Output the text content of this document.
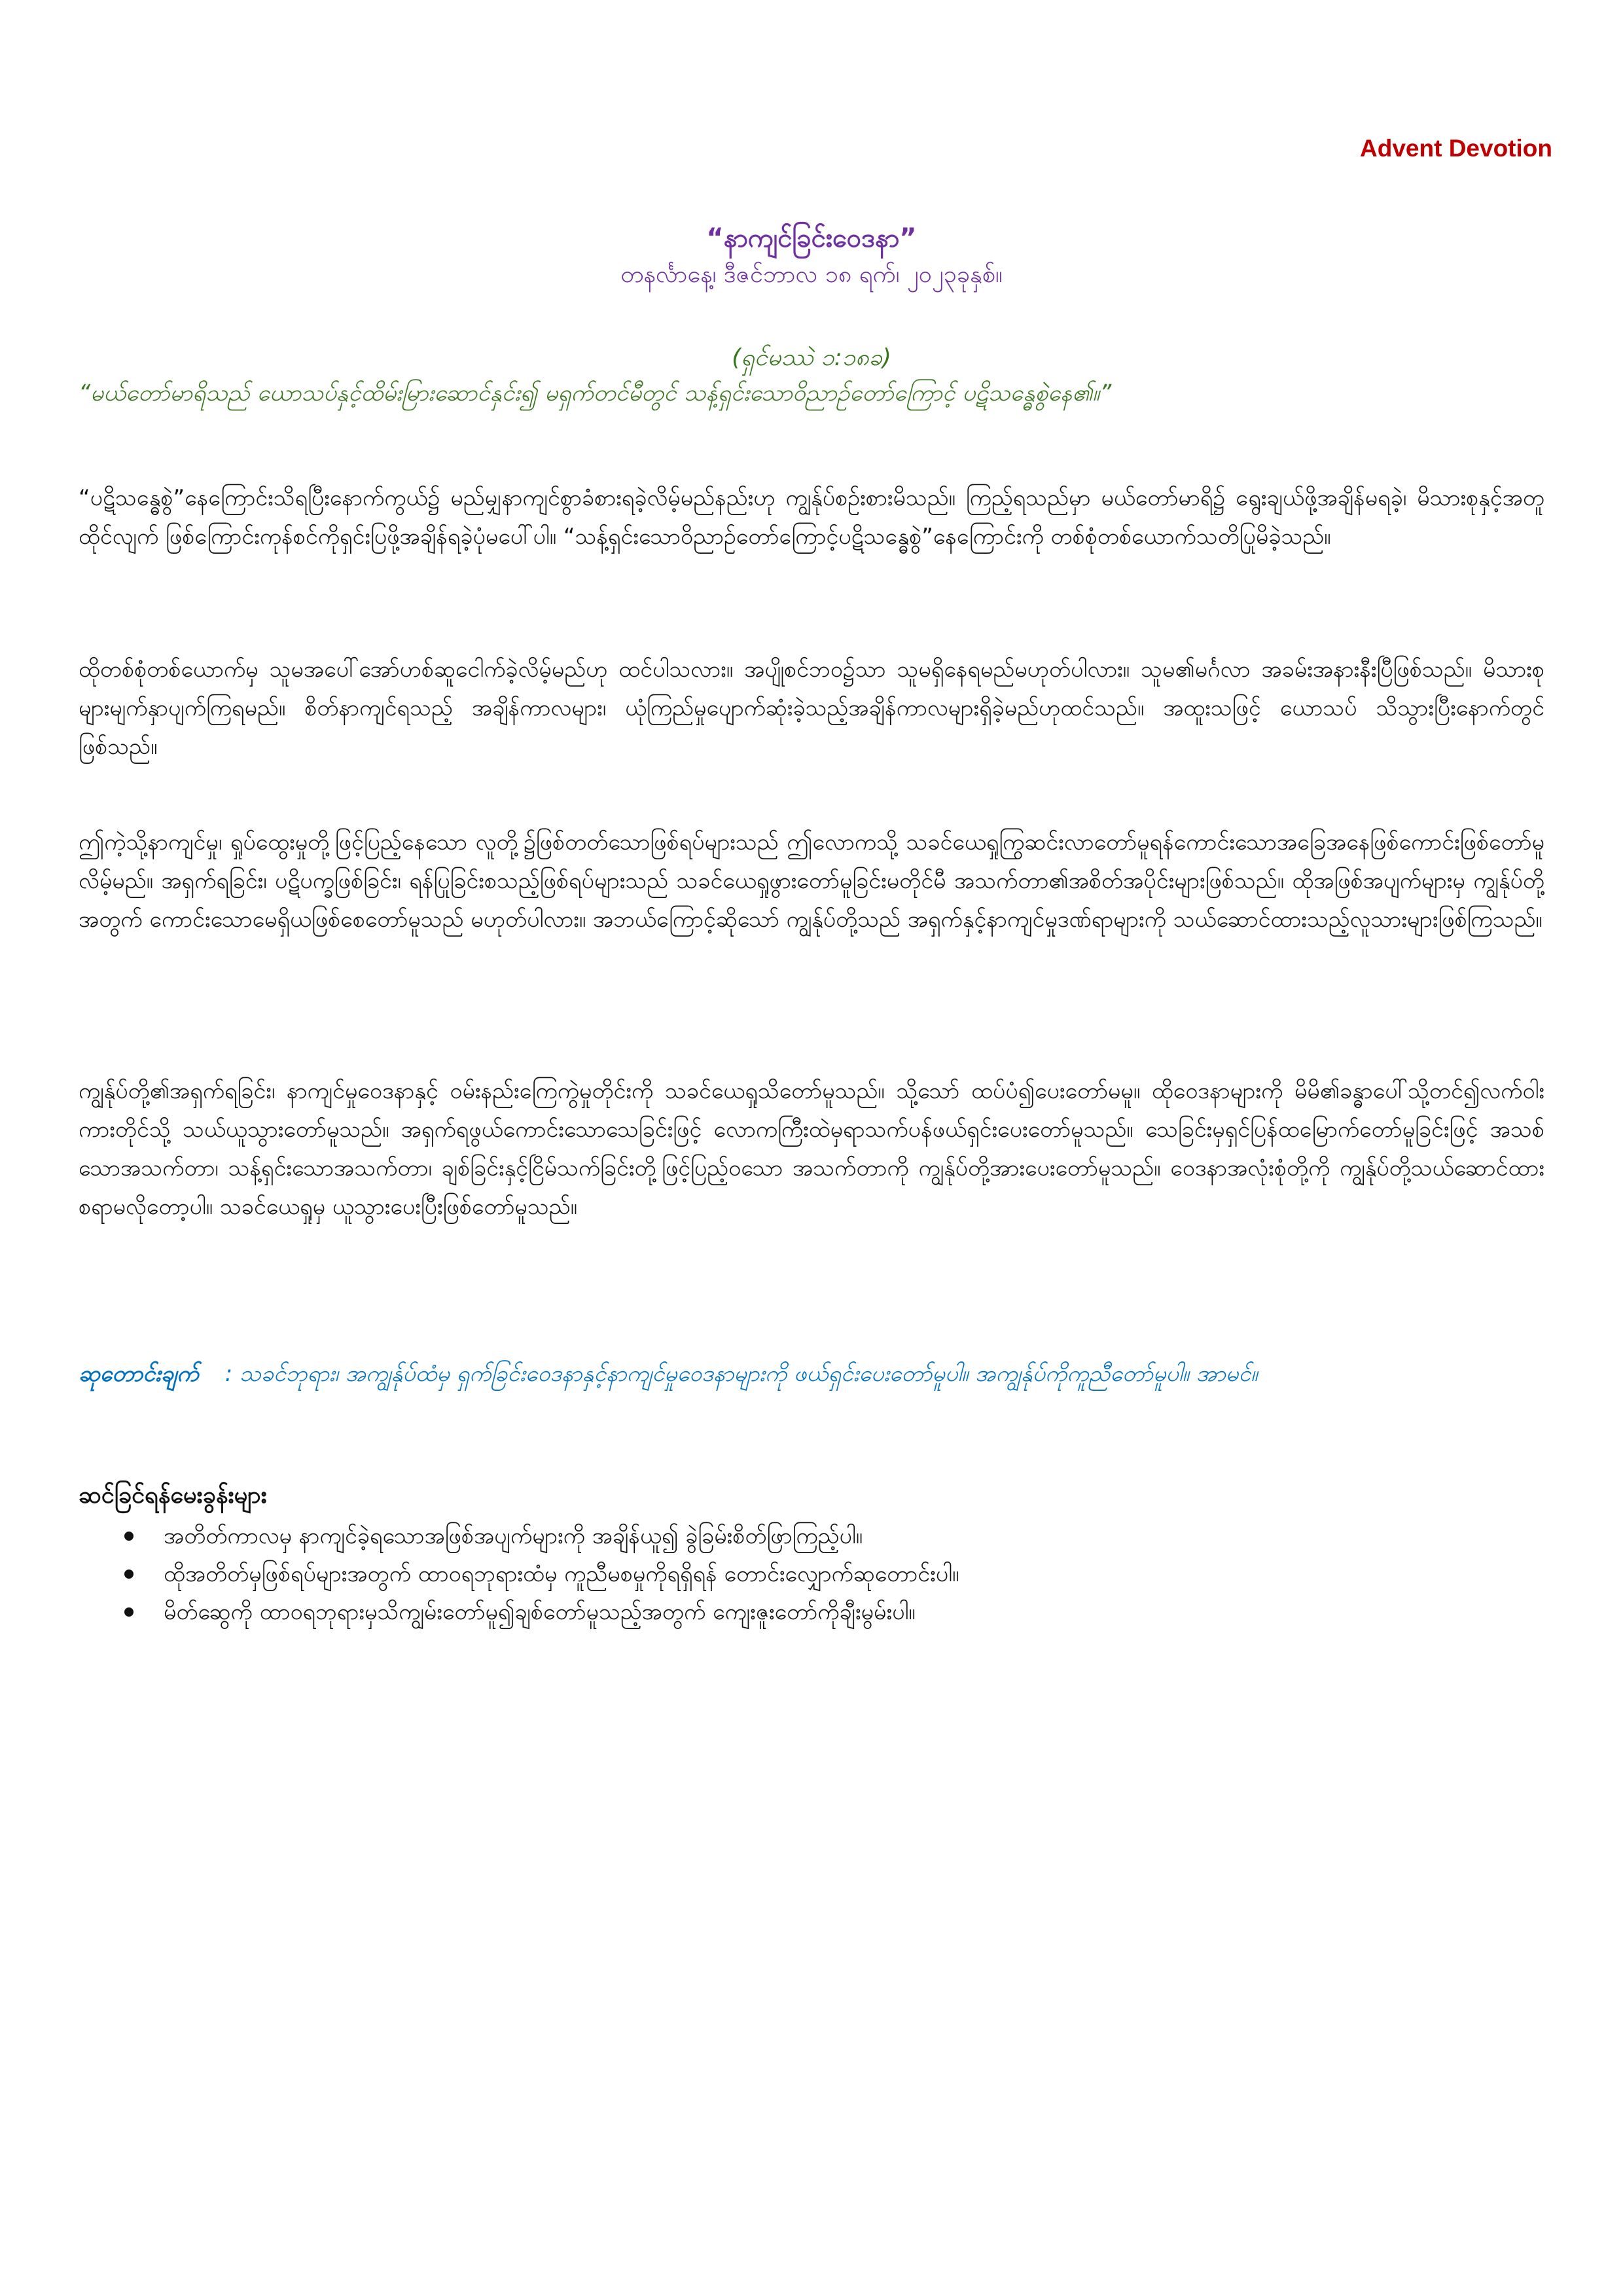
Advent Devotion
“နာကျင်ခြင်းဝေဒနာ”
တနင်္လာနေ့၊ ဒီဇင်ဘာလ ၁၈ ရက်၊ ၂၀၂၃ခုနှစ်။
(ရှင်မဿဲ ၁:၁၈ခ)
“မယ်တော်မာရိသည် ယောသပ်နှင့်ထိမ်းမြားဆောင်နှင်း၍ မရှက်တင်မီတွင် သန့်ရှင်းသောဝိညာဉ်တော်ကြောင့် ပဋိသန္ဓေစွဲနေ၏။”

“ပဋိသန္ဓေစွဲ”နေကြောင်းသိရပြီးနောက်ကွယ်၌ မည်မျှနာကျင်စွာခံစားရခဲ့လိမ့်မည်နည်းဟု ကျွန်ုပ်စဉ်းစားမိသည်။ ကြည့်ရသည်မှာ မယ်တော်မာရိ၌ ရွေးချယ်ဖို့အချိန်မရခဲ့၊ မိသားစုနှင့်အတူထိုင်လျက် ဖြစ်ကြောင်းကုန်စင်ကိုရှင်းပြဖို့အချိန်ရခဲ့ပုံမပေါ်ပါ။ “သန့်ရှင်းသောဝိညာဉ်တော်ကြောင့်ပဋိသန္ဓေစွဲ”နေကြောင်းကို တစ်စုံတစ်ယောက်သတိပြုမိခဲ့သည်။

ထိုတစ်စုံတစ်ယောက်မှ သူမအပေါ်အော်ဟစ်ဆူငေါက်ခဲ့လိမ့်မည်ဟု ထင်ပါသလား။ အပျိုစင်ဘဝ၌သာ သူမရှိနေရမည်မဟုတ်ပါလား။ သူမ၏မင်္ဂလာ အခမ်းအနားနီးပြီဖြစ်သည်။ မိသားစုများမျက်နှာပျက်ကြရမည်။ စိတ်နာကျင်ရသည့် အချိန်ကာလများ၊ ယုံကြည်မှုပျောက်ဆုံးခဲ့သည့်အချိန်ကာလများရှိခဲ့မည်ဟုထင်သည်။ အထူးသဖြင့် ယောသပ် သိသွားပြီးနောက်တွင်ဖြစ်သည်။

ဤကဲ့သို့နာကျင်မှု၊ ရှုပ်ထွေးမှုတို့ဖြင့်ပြည့်နေသော လူတို့၌ဖြစ်တတ်သောဖြစ်ရပ်များသည် ဤလောကသို့ သခင်ယေရှုကြွဆင်းလာတော်မူရန်ကောင်းသောအခြေအနေဖြစ်ကောင်းဖြစ်တော်မူလိမ့်မည်။ အရှက်ရခြင်း၊ ပဋိပက္ခဖြစ်ခြင်း၊ ရန်ပြုခြင်းစသည့်ဖြစ်ရပ်များသည် သခင်ယေရှုဖွားတော်မူခြင်းမတိုင်မီ အသက်တာ၏အစိတ်အပိုင်းများဖြစ်သည်။ ထိုအဖြစ်အပျက်များမှ ကျွန်ုပ်တို့အတွက် ကောင်းသောမေရှိယဖြစ်စေတော်မူသည် မဟုတ်ပါလား။ အဘယ်ကြောင့်ဆိုသော် ကျွန်ုပ်တို့သည် အရှက်နှင့်နာကျင်မှုဒဏ်ရာများကို သယ်ဆောင်ထားသည့်လူသားများဖြစ်ကြသည်။

ကျွန်ုပ်တို့၏အရှက်ရခြင်း၊ နာကျင်မှုဝေဒနာနှင့် ဝမ်းနည်းကြေကွဲမှုတိုင်းကို သခင်ယေရှုသိတော်မူသည်။ သို့သော် ထပ်ပံ၍ပေးတော်မမူ။ ထိုဝေဒနာများကို မိမိ၏ခန္ဓာပေါ်သို့တင်၍လက်ဝါးကားတိုင်သို့ သယ်ယူသွားတော်မူသည်။ အရှက်ရဖွယ်ကောင်းသောသေခြင်းဖြင့် လောကကြီးထဲမှရာသက်ပန်ဖယ်ရှင်းပေးတော်မူသည်။ သေခြင်းမှရှင်ပြန်ထမြောက်တော်မူခြင်းဖြင့် အသစ်သောအသက်တာ၊ သန့်ရှင်းသောအသက်တာ၊ ချစ်ခြင်းနှင့်ငြိမ်သက်ခြင်းတို့ဖြင့်ပြည့်ဝသော အသက်တာကို ကျွန်ုပ်တို့အားပေးတော်မူသည်။ ဝေဒနာအလုံးစုံတို့ကို ကျွန်ုပ်တို့သယ်ဆောင်ထားစရာမလိုတော့ပါ။ သခင်ယေရှုမှ ယူသွားပေးပြီးဖြစ်တော်မူသည်။

ဆုတောင်းချက် : သခင်ဘုရား၊ အကျွန်ုပ်ထံမှ ရှက်ခြင်းဝေဒနာနှင့်နာကျင်မှုဝေဒနာများကို ဖယ်ရှင်းပေးတော်မူပါ။ အကျွန်ုပ်ကိုကူညီတော်မူပါ။ အာမင်။
ဆင်ခြင်ရန်မေးခွန်းများ
အတိတ်ကာလမှ နာကျင်ခဲ့ရသောအဖြစ်အပျက်များကို အချိန်ယူ၍ ခွဲခြမ်းစိတ်ဖြာကြည့်ပါ။
ထိုအတိတ်မှဖြစ်ရပ်များအတွက် ထာဝရဘုရားထံမှ ကူညီမစမှုကိုရရှိရန် တောင်းလျှောက်ဆုတောင်းပါ။
မိတ်ဆွေကို ထာဝရဘုရားမှသိကျွမ်းတော်မူ၍ချစ်တော်မူသည့်အတွက် ကျေးဇူးတော်ကိုချီးမွမ်းပါ။
